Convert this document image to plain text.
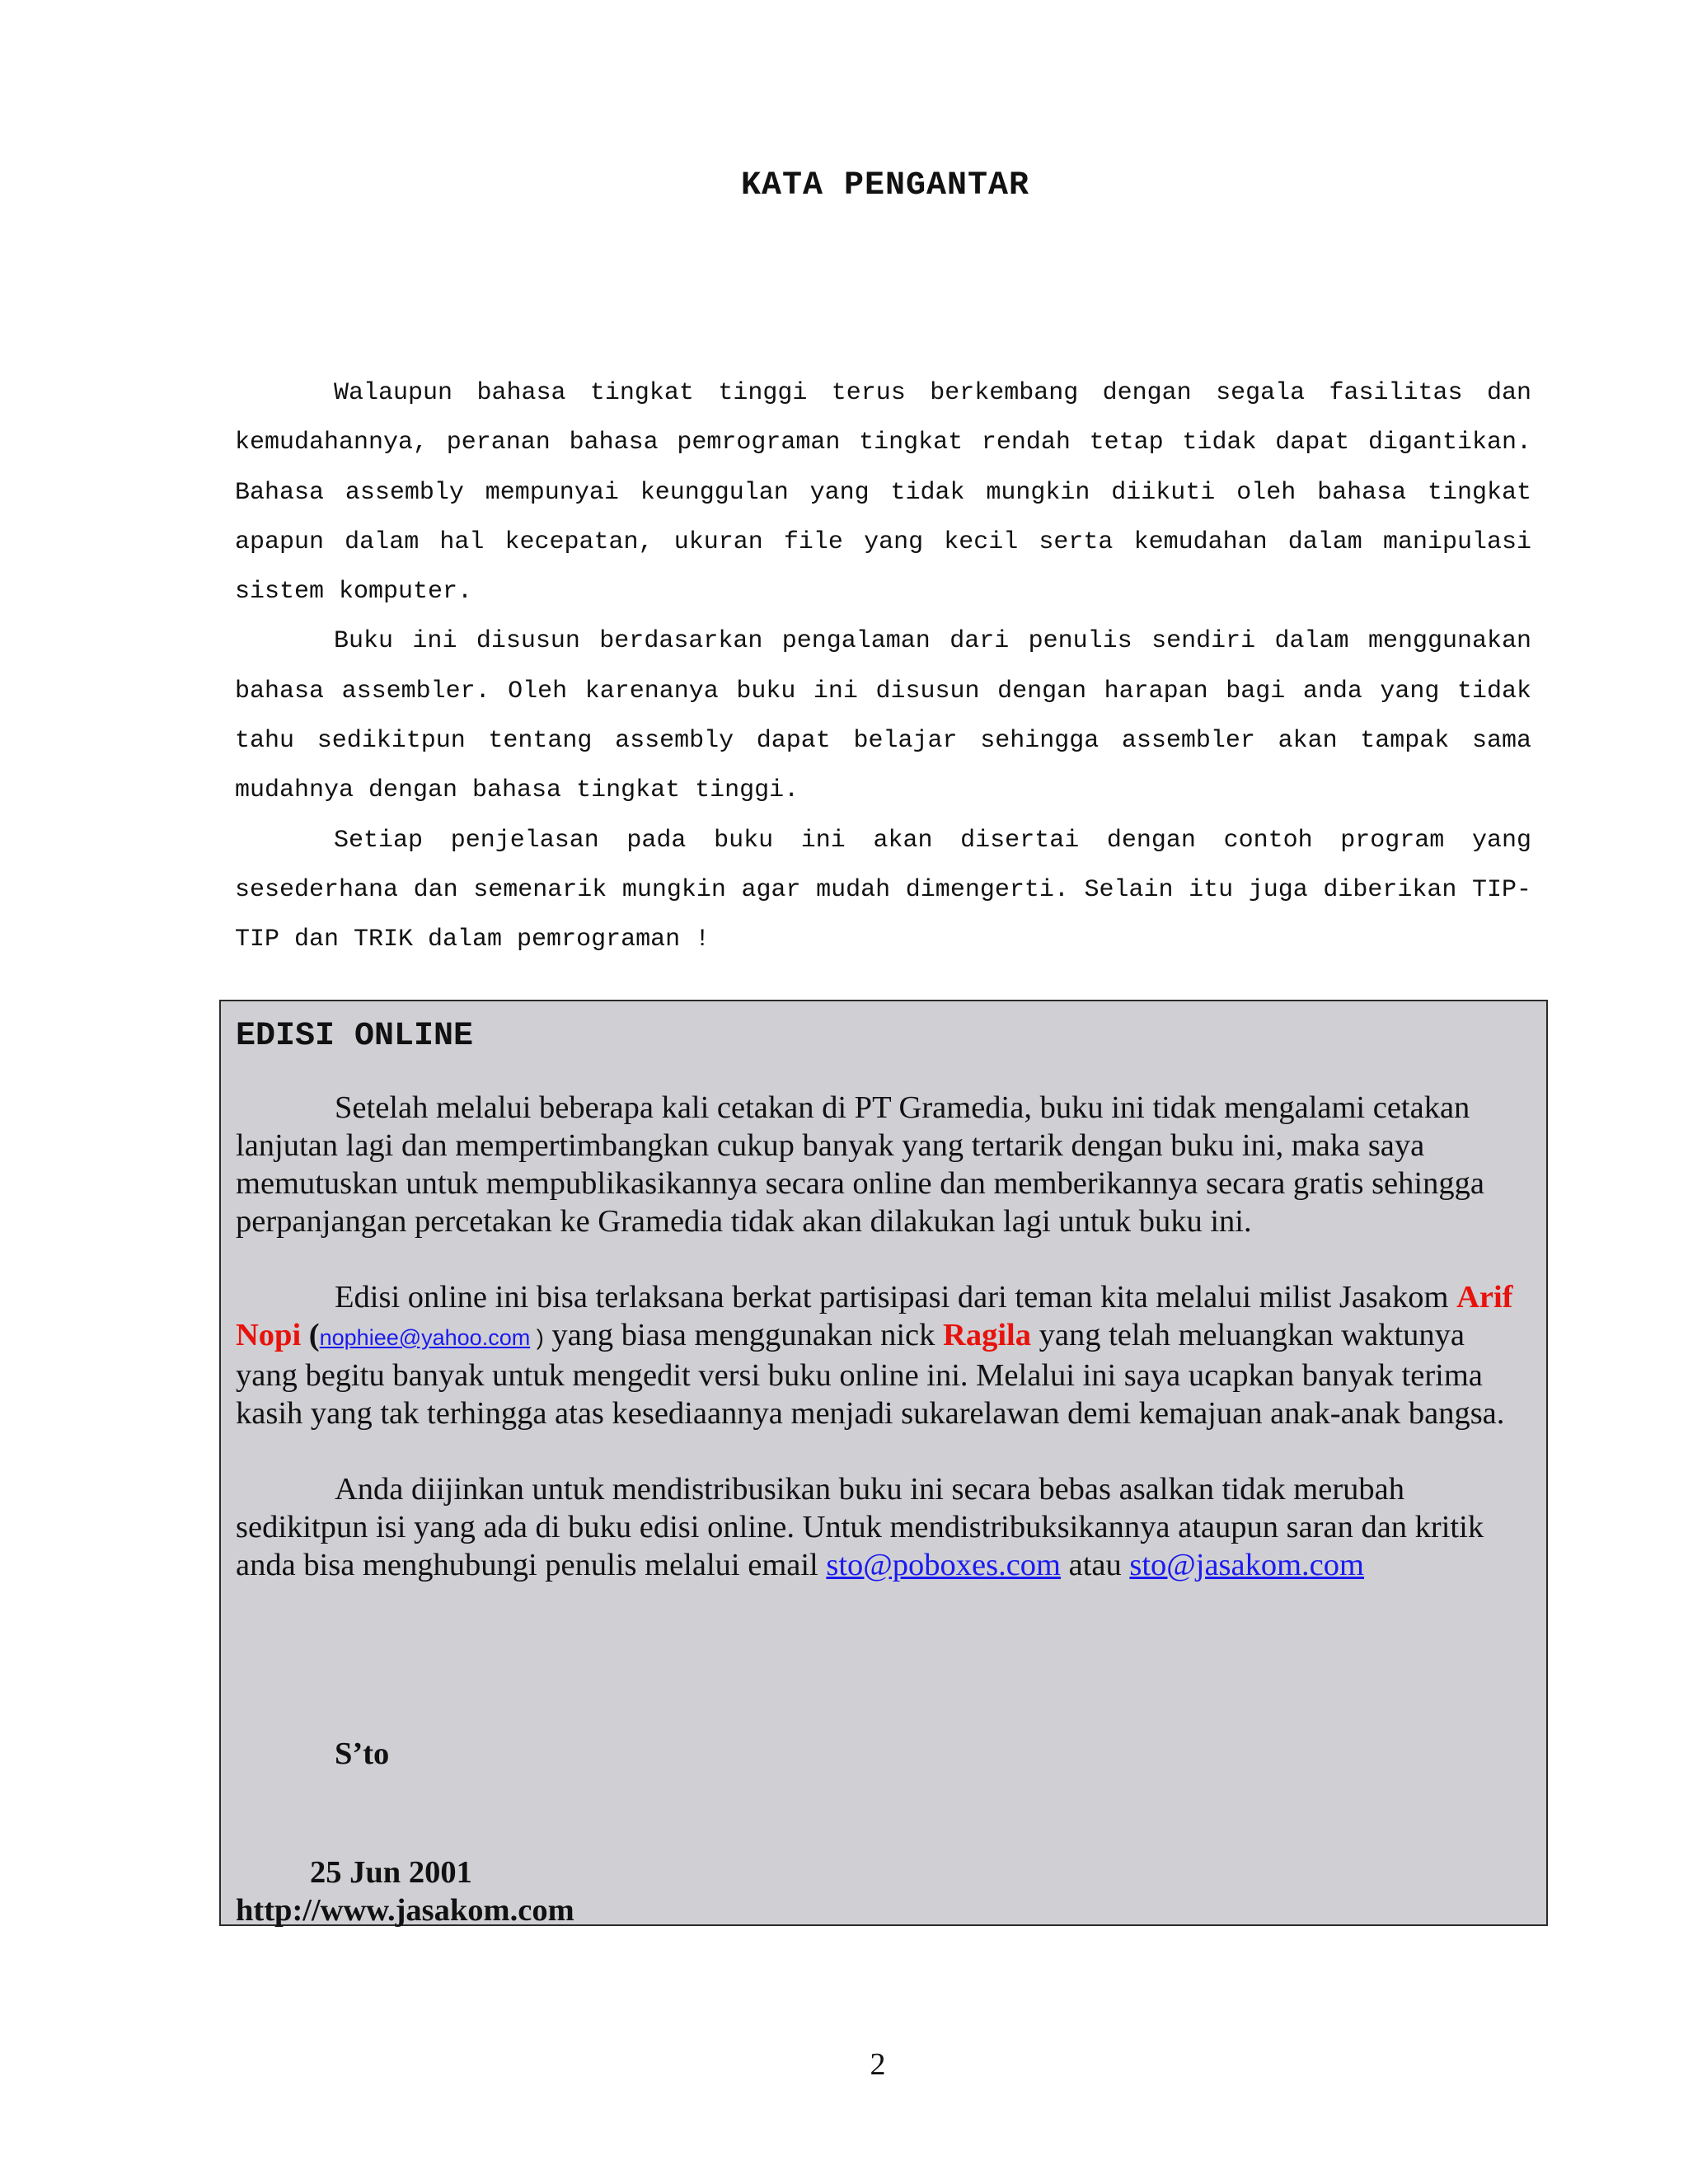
KATA PENGANTAR

Walaupun bahasa tingkat tinggi terus berkembang dengan segala fasilitas dan kemudahannya, peranan bahasa pemrograman tingkat rendah tetap tidak dapat digantikan. Bahasa assembly mempunyai keunggulan yang tidak mungkin diikuti oleh bahasa tingkat apapun dalam hal kecepatan, ukuran file yang kecil serta kemudahan dalam manipulasi sistem komputer.

Buku ini disusun berdasarkan pengalaman dari penulis sendiri dalam menggunakan bahasa assembler. Oleh karenanya buku ini disusun dengan harapan bagi anda yang tidak tahu sedikitpun tentang assembly dapat belajar sehingga assembler akan tampak sama mudahnya dengan bahasa tingkat tinggi.

Setiap penjelasan pada buku ini akan disertai dengan contoh program yang sesederhana dan semenarik mungkin agar mudah dimengerti. Selain itu juga diberikan TIP-TIP dan TRIK dalam pemrograman !

EDISI ONLINE

Setelah melalui beberapa kali cetakan di PT Gramedia, buku ini tidak mengalami cetakan lanjutan lagi dan mempertimbangkan cukup banyak yang tertarik dengan buku ini, maka saya memutuskan untuk mempublikasikannya secara online dan memberikannya secara gratis sehingga perpanjangan percetakan ke Gramedia tidak akan dilakukan lagi untuk buku ini.

Edisi online ini bisa terlaksana berkat partisipasi dari teman kita melalui milist Jasakom Arif Nopi (nophiee@yahoo.com ) yang biasa menggunakan nick Ragila yang telah meluangkan waktunya yang begitu banyak untuk mengedit versi buku online ini. Melalui ini saya ucapkan banyak terima kasih yang tak terhingga atas kesediaannya menjadi sukarelawan demi kemajuan anak-anak bangsa.

Anda diijinkan untuk mendistribusikan buku ini secara bebas asalkan tidak merubah sedikitpun isi yang ada di buku edisi online. Untuk mendistribuksikannya ataupun saran dan kritik anda bisa menghubungi penulis melalui email sto@poboxes.com atau sto@jasakom.com

S’to
25 Jun 2001
http://www.jasakom.com
2
